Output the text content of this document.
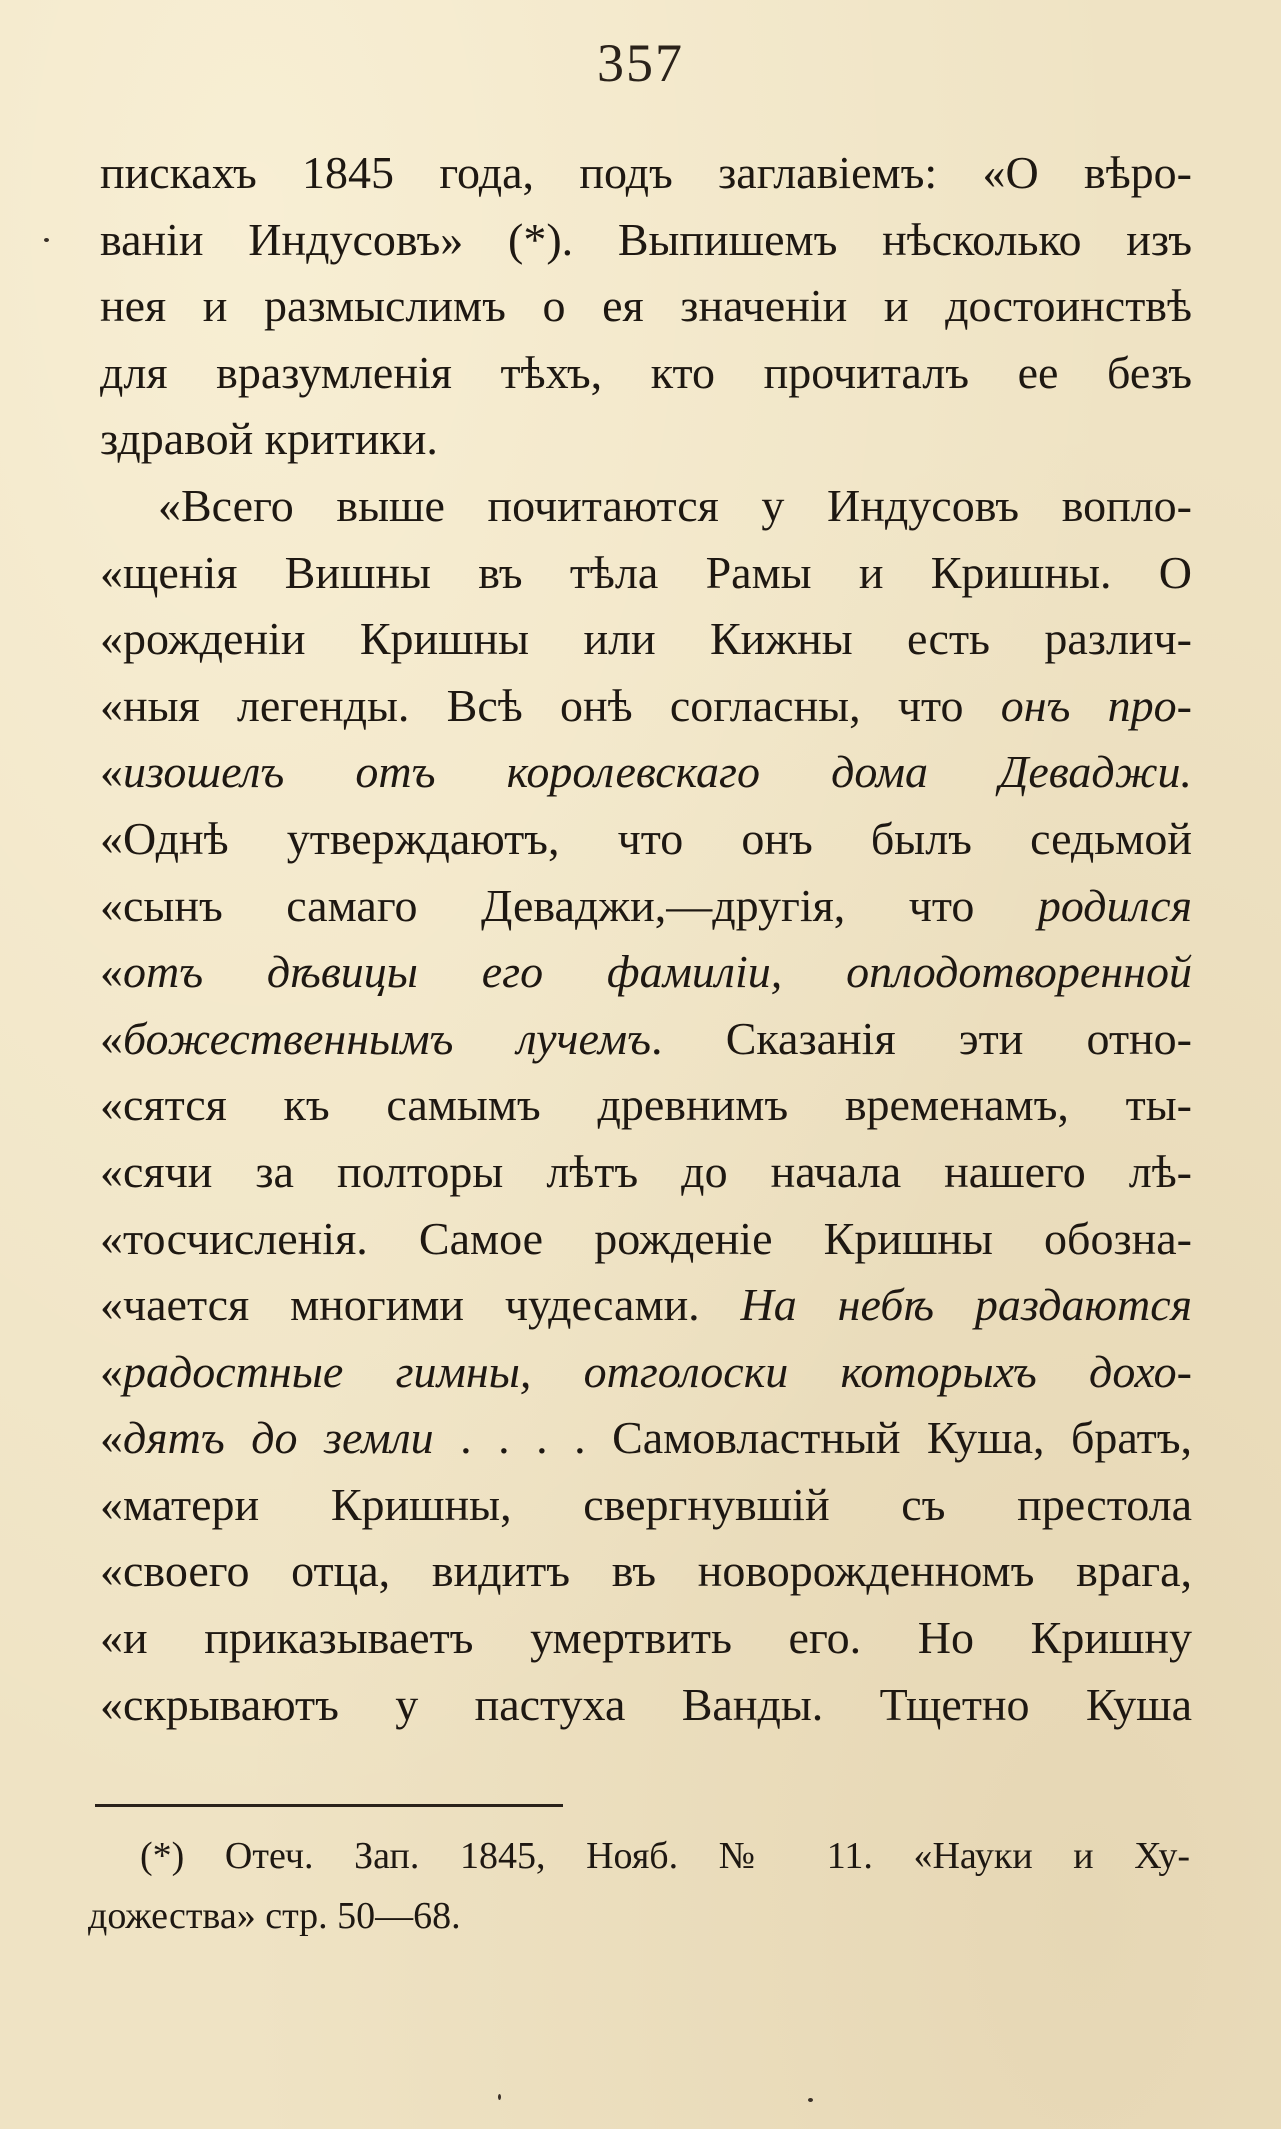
357
пискахъ 1845 года, подъ заглавіемъ: «О вѣро-
ваніи Индусовъ» (*). Выпишемъ нѣсколько изъ
нея и размыслимъ о ея значеніи и достоинствѣ
для вразумленія тѣхъ, кто прочиталъ ее безъ
здравой критики.
«Всего выше почитаются у Индусовъ вопло-
«щенія Вишны въ тѣла Рамы и Кришны. О
«рожденіи Кришны или Кижны есть различ-
«ныя легенды. Всѣ онѣ согласны, что онъ про-
«изошелъ отъ королевскаго дома Деваджи.
«Однѣ утверждаютъ, что онъ былъ седьмой
«сынъ самаго Деваджи,—другія, что родился
«отъ дѣвицы его фамиліи, оплодотворенной
«божественнымъ лучемъ. Сказанія эти отно-
«сятся къ самымъ древнимъ временамъ, ты-
«сячи за полторы лѣтъ до начала нашего лѣ-
«тосчисленія. Самое рожденіе Кришны обозна-
«чается многими чудесами. На небѣ раздаются
«радостные гимны, отголоски которыхъ дохо-
«дятъ до земли . . . . Самовластный Куша, братъ,
«матери Кришны, свергнувшій съ престола
«своего отца, видитъ въ новорожденномъ врага,
«и приказываетъ умертвить его. Но Кришну
«скрываютъ у пастуха Ванды. Тщетно Куша
(*) Отеч. Зап. 1845, Нояб. № 11. «Науки и Ху-
дожества» стр. 50—68.
